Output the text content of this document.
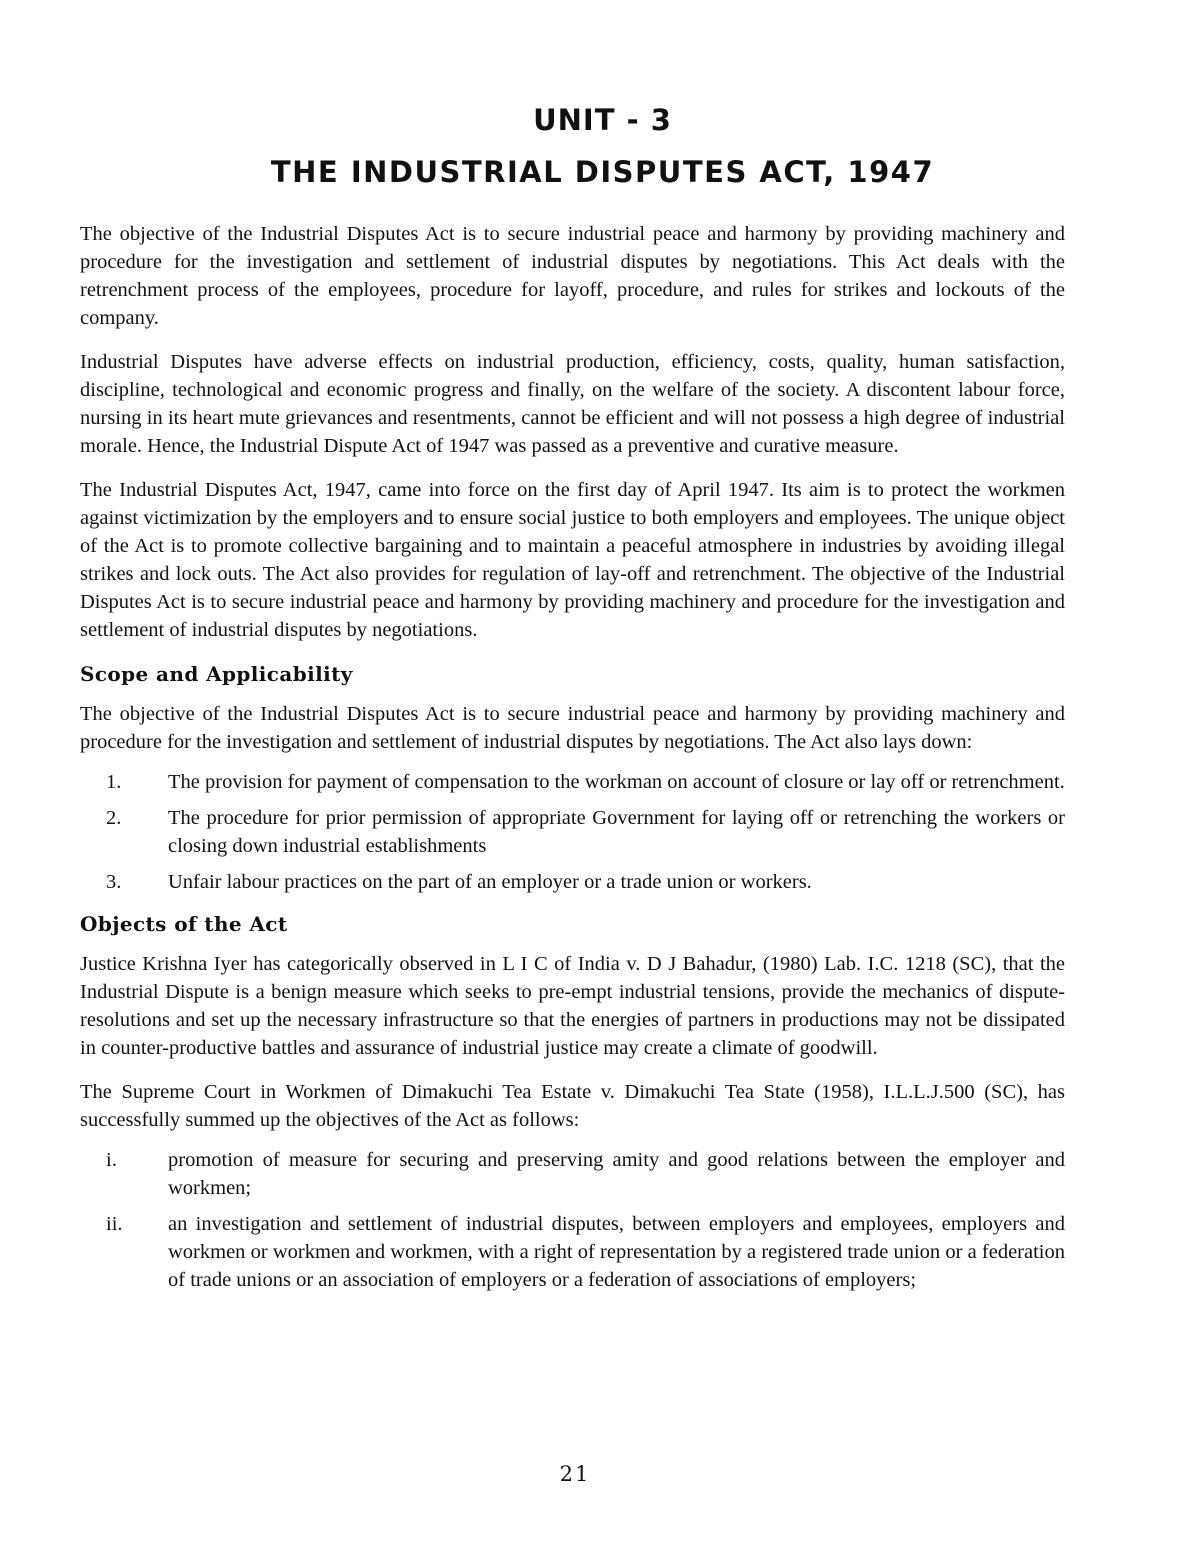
UNIT - 3
THE INDUSTRIAL DISPUTES ACT, 1947

The objective of the Industrial Disputes Act is to secure industrial peace and harmony by providing machinery and procedure for the investigation and settlement of industrial disputes by negotiations. This Act deals with the retrenchment process of the employees, procedure for layoff, procedure, and rules for strikes and lockouts of the company.

Industrial Disputes have adverse effects on industrial production, efficiency, costs, quality, human satisfaction, discipline, technological and economic progress and finally, on the welfare of the society. A discontent labour force, nursing in its heart mute grievances and resentments, cannot be efficient and will not possess a high degree of industrial morale. Hence, the Industrial Dispute Act of 1947 was passed as a preventive and curative measure.

The Industrial Disputes Act, 1947, came into force on the first day of April 1947. Its aim is to protect the workmen against victimization by the employers and to ensure social justice to both employers and employees. The unique object of the Act is to promote collective bargaining and to maintain a peaceful atmosphere in industries by avoiding illegal strikes and lock outs. The Act also provides for regulation of lay-off and retrenchment. The objective of the Industrial Disputes Act is to secure industrial peace and harmony by providing machinery and procedure for the investigation and settlement of industrial disputes by negotiations.

Scope and Applicability

The objective of the Industrial Disputes Act is to secure industrial peace and harmony by providing machinery and procedure for the investigation and settlement of industrial disputes by negotiations. The Act also lays down:

1.	The provision for payment of compensation to the workman on account of closure or lay off or retrenchment.
2.	The procedure for prior permission of appropriate Government for laying off or retrenching the workers or closing down industrial establishments
3.	Unfair labour practices on the part of an employer or a trade union or workers.
Objects of the Act

Justice Krishna Iyer has categorically observed in L I C of India v. D J Bahadur, (1980) Lab. I.C. 1218 (SC), that the Industrial Dispute is a benign measure which seeks to pre-empt industrial tensions, provide the mechanics of dispute-resolutions and set up the necessary infrastructure so that the energies of partners in productions may not be dissipated in counter-productive battles and assurance of industrial justice may create a climate of goodwill.

The Supreme Court in Workmen of Dimakuchi Tea Estate v. Dimakuchi Tea State (1958), I.L.L.J.500 (SC), has successfully summed up the objectives of the Act as follows:

i.	promotion of measure for securing and preserving amity and good relations between the employer and workmen;
ii.	an investigation and settlement of industrial disputes, between employers and employees, employers and workmen or workmen and workmen, with a right of representation by a registered trade union or a federation of trade unions or an association of employers or a federation of associations of employers;
21
